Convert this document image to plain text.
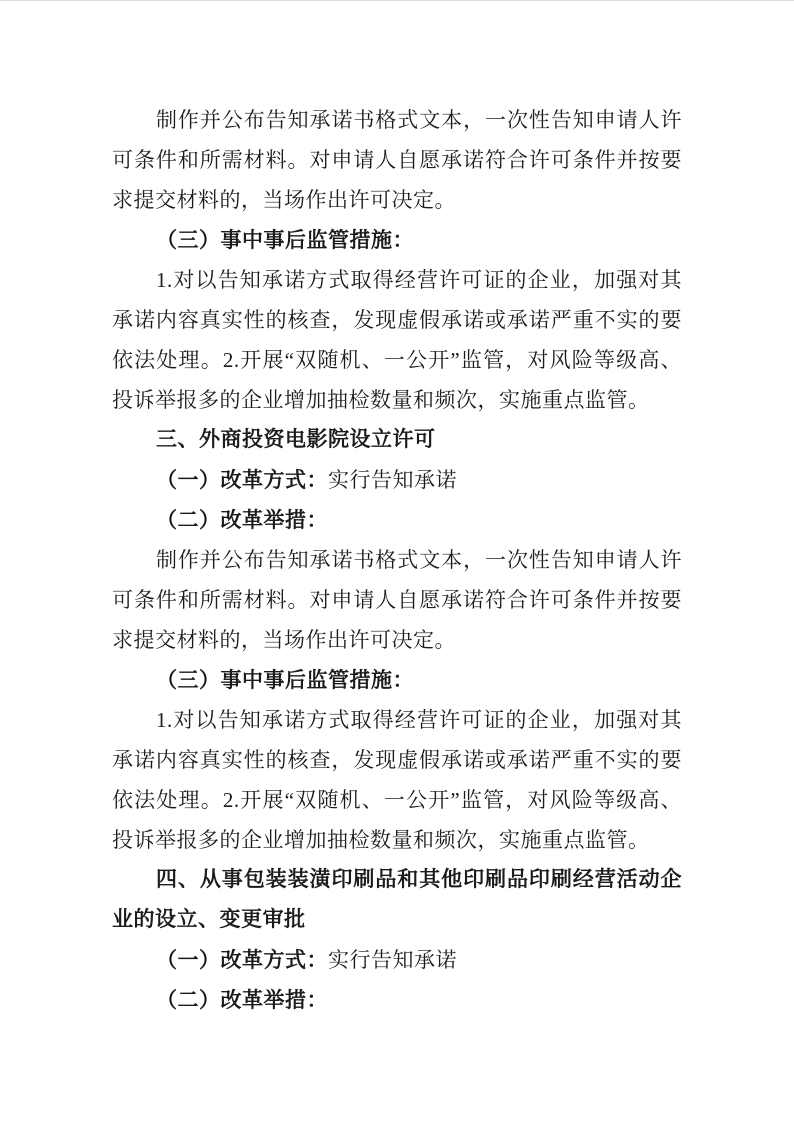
制作并公布告知承诺书格式文本，一次性告知申请人许
可条件和所需材料。对申请人自愿承诺符合许可条件并按要
求提交材料的，当场作出许可决定。
（三）事中事后监管措施：
1.对以告知承诺方式取得经营许可证的企业，加强对其
承诺内容真实性的核查，发现虚假承诺或承诺严重不实的要
依法处理。2.开展“双随机、一公开”监管，对风险等级高、
投诉举报多的企业增加抽检数量和频次，实施重点监管。
三、外商投资电影院设立许可
（一）改革方式：实行告知承诺
（二）改革举措：
制作并公布告知承诺书格式文本，一次性告知申请人许
可条件和所需材料。对申请人自愿承诺符合许可条件并按要
求提交材料的，当场作出许可决定。
（三）事中事后监管措施：
1.对以告知承诺方式取得经营许可证的企业，加强对其
承诺内容真实性的核查，发现虚假承诺或承诺严重不实的要
依法处理。2.开展“双随机、一公开”监管，对风险等级高、
投诉举报多的企业增加抽检数量和频次，实施重点监管。
四、从事包装装潢印刷品和其他印刷品印刷经营活动企
业的设立、变更审批
（一）改革方式：实行告知承诺
（二）改革举措：
